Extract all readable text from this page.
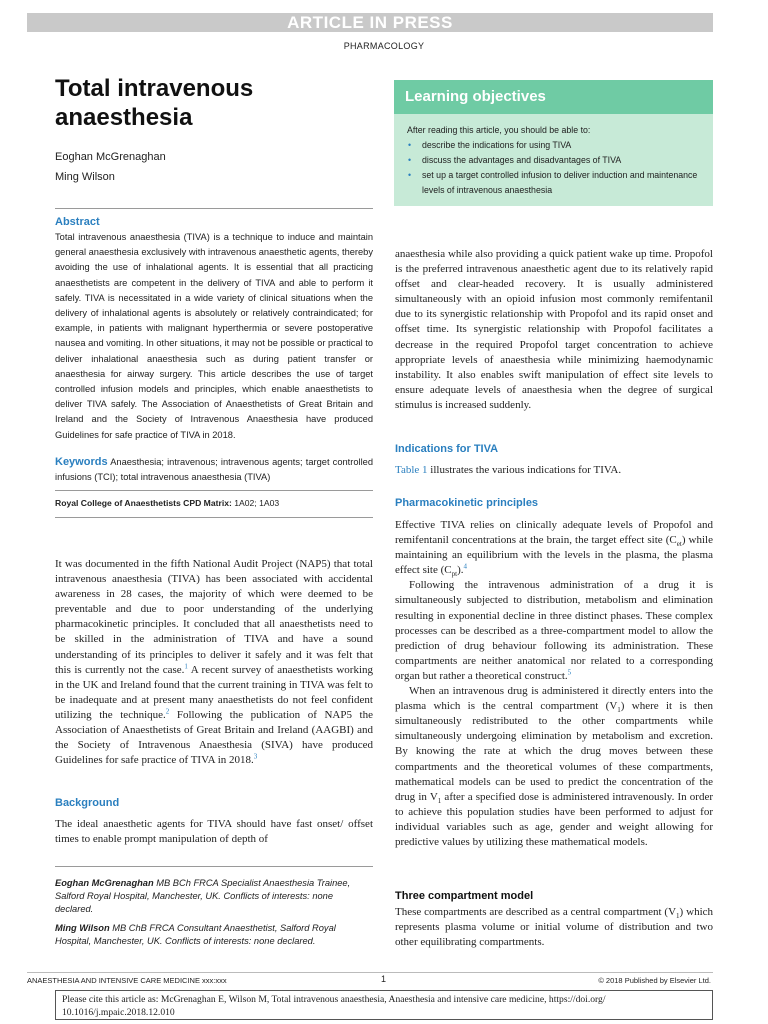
ARTICLE IN PRESS
PHARMACOLOGY
Total intravenous
anaesthesia
Eoghan McGrenaghan
Ming Wilson
Learning objectives
After reading this article, you should be able to:
• describe the indications for using TIVA
• discuss the advantages and disadvantages of TIVA
• set up a target controlled infusion to deliver induction and maintenance levels of intravenous anaesthesia
Abstract
Total intravenous anaesthesia (TIVA) is a technique to induce and maintain general anaesthesia exclusively with intravenous anaesthetic agents, thereby avoiding the use of inhalational agents. It is essential that all practicing anaesthetists are competent in the delivery of TIVA and able to perform it safely. TIVA is necessitated in a wide variety of clinical situations when the delivery of inhalational agents is absolutely or relatively contraindicated; for example, in patients with malignant hyperthermia or severe postoperative nausea and vomiting. In other situations, it may not be possible or practical to deliver inhalational anaesthesia such as during patient transfer or anaesthesia for airway surgery. This article describes the use of target controlled infusion models and principles, which enable anaesthetists to deliver TIVA safely. The Association of Anaesthetists of Great Britain and Ireland and the Society of Intravenous Anaesthesia have produced Guidelines for safe practice of TIVA in 2018.
Keywords Anaesthesia; intravenous; intravenous agents; target controlled infusions (TCI); total intravenous anaesthesia (TIVA)
Royal College of Anaesthetists CPD Matrix: 1A02; 1A03
It was documented in the fifth National Audit Project (NAP5) that total intravenous anaesthesia (TIVA) has been associated with accidental awareness in 28 cases, the majority of which were deemed to be preventable and due to poor understanding of the underlying pharmacokinetic principles. It concluded that all anaesthetists need to be skilled in the administration of TIVA and have a sound understanding of its principles to deliver it safely and it was felt that this is currently not the case.$^1$ A recent survey of anaesthetists working in the UK and Ireland found that the current training in TIVA was felt to be inadequate and at present many anaesthetists do not feel confident utilizing the technique.$^2$ Following the publication of NAP5 the Association of Anaesthetists of Great Britain and Ireland (AAGBI) and the Society of Intravenous Anaesthesia (SIVA) have produced Guidelines for safe practice of TIVA in 2018.$^3$
Background
The ideal anaesthetic agents for TIVA should have fast onset/ offset times to enable prompt manipulation of depth of
Eoghan McGrenaghan MB BCh FRCA Specialist Anaesthesia Trainee, Salford Royal Hospital, Manchester, UK. Conflicts of interests: none declared.
Ming Wilson MB ChB FRCA Consultant Anaesthetist, Salford Royal Hospital, Manchester, UK. Conflicts of interests: none declared.
anaesthesia while also providing a quick patient wake up time. Propofol is the preferred intravenous anaesthetic agent due to its relatively rapid offset and clear-headed recovery. It is usually administered simultaneously with an opioid infusion most commonly remifentanil due to its synergistic relationship with Propofol and its rapid onset and offset time. Its synergistic relationship with Propofol facilitates a decrease in the required Propofol target concentration to achieve appropriate levels of anaesthesia while minimizing haemodynamic instability. It also enables swift manipulation of effect site levels to ensure adequate levels of anaesthesia when the degree of surgical stimulus is increased suddenly.
Indications for TIVA
Table 1 illustrates the various indications for TIVA.
Pharmacokinetic principles

Effective TIVA relies on clinically adequate levels of Propofol and remifentanil concentrations at the brain, the target effect site $(C_{et})$ while maintaining an equilibrium with the levels in the plasma, the plasma effect site $(C_{pt}).^4$

Following the intravenous administration of a drug it is simultaneously subjected to distribution, metabolism and elimination resulting in exponential decline in three distinct phases. These complex processes can be described as a three-compartment model to allow the prediction of drug behaviour following its administration. These compartments are neither anatomical nor related to a corresponding organ but rather a theoretical construct.$^5$

When an intravenous drug is administered it directly enters into the plasma which is the central compartment $(V_1)$ where it is then simultaneously redistributed to the other compartments while simultaneously undergoing elimination by metabolism and excretion. By knowing the rate at which the drug moves between these compartments and the theoretical volumes of these compartments, mathematical models can be used to predict the concentration of the drug in $V_1$ after a specified dose is administered intravenously. In order to achieve this population studies have been performed to adjust for individual variables such as age, gender and weight allowing for predictive values by utilizing these mathematical models.

Three compartment model
These compartments are described as a central compartment $(V_1)$ which represents plasma volume or initial volume of distribution and two other equilibrating compartments.
ANAESTHESIA AND INTENSIVE CARE MEDICINE xxx:xxx	1	© 2018 Published by Elsevier Ltd.
Please cite this article as: McGrenaghan E, Wilson M, Total intravenous anaesthesia, Anaesthesia and intensive care medicine, https://doi.org/ 10.1016/j.mpaic.2018.12.010
